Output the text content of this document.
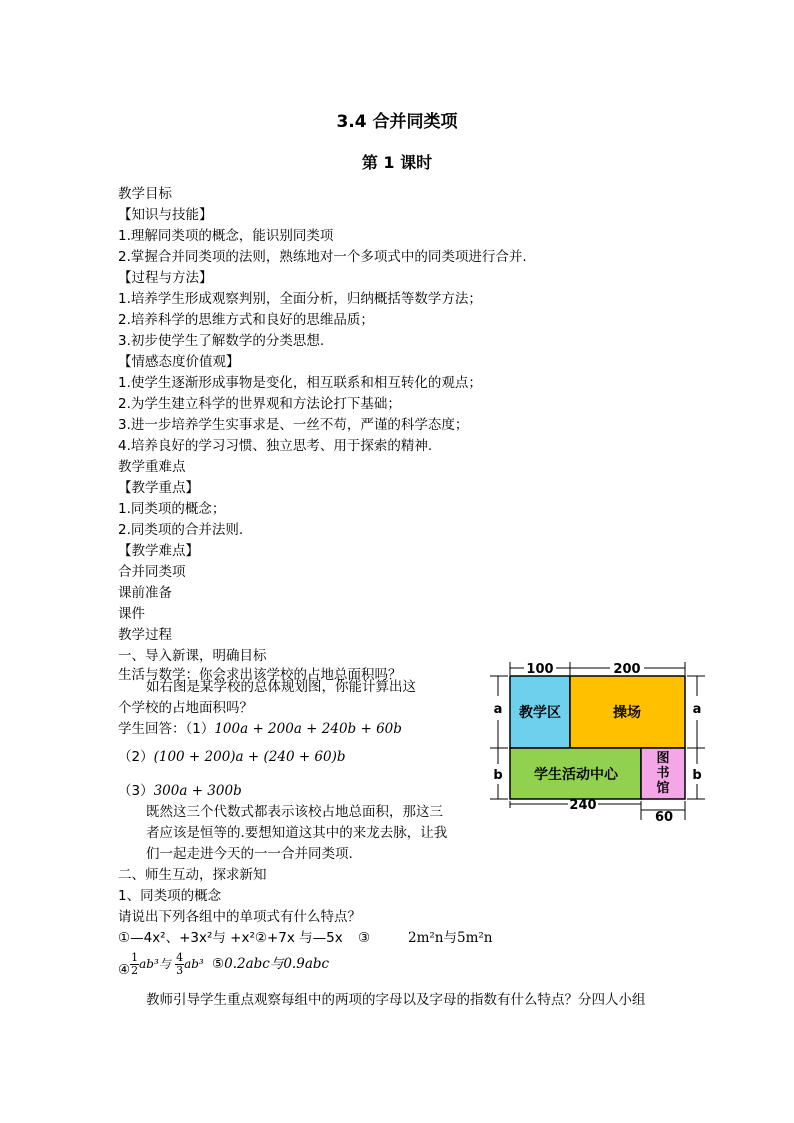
3.4 合并同类项
第 1 课时
教学目标
【知识与技能】
1.理解同类项的概念，能识别同类项
2.掌握合并同类项的法则，熟练地对一个多项式中的同类项进行合并.
【过程与方法】
1.培养学生形成观察判别，全面分析，归纳概括等数学方法；
2.培养科学的思维方式和良好的思维品质；
3.初步使学生了解数学的分类思想.
【情感态度价值观】
1.使学生逐渐形成事物是变化，相互联系和相互转化的观点；
2.为学生建立科学的世界观和方法论打下基础；
3.进一步培养学生实事求是、一丝不苟，严谨的科学态度；
4.培养良好的学习习惯、独立思考、用于探索的精神.
教学重难点
【教学重点】
1.同类项的概念；
2.同类项的合并法则.
【教学难点】
合并同类项
课前准备
课件
教学过程
一、导入新课，明确目标
生活与数学：你会求出该学校的占地总面积吗？
如右图是某学校的总体规划图，你能计算出这
个学校的占地面积吗？
学生回答：（1）100a + 200a + 240b + 60b
（2）(100 + 200)a + (240 + 60)b
（3）300a + 300b
既然这三个代数式都表示该校占地总面积，那这三
者应该是恒等的.要想知道这其中的来龙去脉，让我
们一起走进今天的一一合并同类项.
二、师生互动，探求新知
1、同类项的概念
请说出下列各组中的单项式有什么特点？
①—4x²、+3x²与 +x²②+7x 与—5x ③	2m²n与5m²n
④ $\frac{1}{2} ab^3$与 $\frac{4}{3} ab^3$ ⑤0.2abc与0.9abc
教师引导学生重点观察每组中的两项的字母以及字母的指数有什么特点？分四人小组
100	200
a
b
a
b
240
60
教学区	操场
学生活动中心
图书馆
